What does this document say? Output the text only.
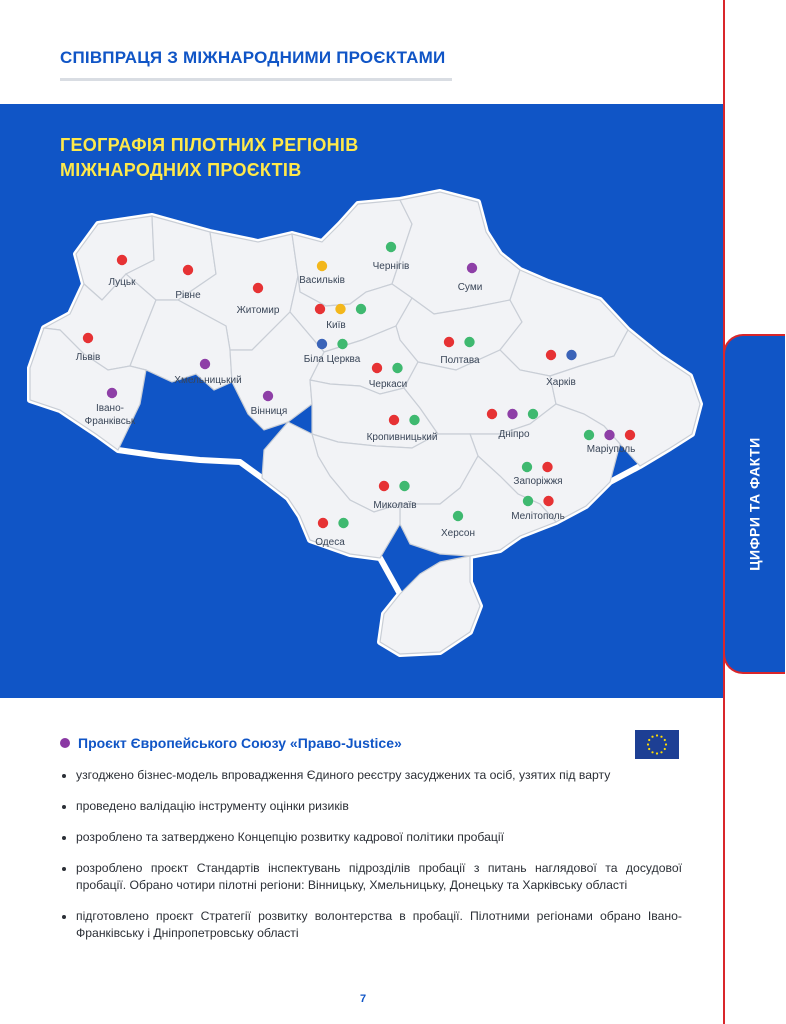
СПІВПРАЦЯ З МІЖНАРОДНИМИ ПРОЄКТАМИ
ГЕОГРАФІЯ ПІЛОТНИХ РЕГІОНІВ
МІЖНАРОДНИХ ПРОЄКТІВ
Луцьк
Рівне
Житомир
Васильків
Чернігів
Суми
Київ
Біла Церква
Львів
Хмельницький
Полтава
Черкаси	Харків
Івано-Франківськ
Вінниця
Кропивницький	Дніпро
Маріуполь
Запоріжжя
Миколаїв
Мелітополь
Херсон
Одеса	ЦИФРИ ТА ФАКТИ
Проєкт Європейського Союзу «Право-Justice»
узгоджено бізнес-модель впровадження Єдиного реєстру засуджених та осіб, узятих під варту
проведено валідацію інструменту оцінки ризиків
розроблено та затверджено Концепцію розвитку кадрової політики пробації
розроблено проєкт Стандартів інспектувань підрозділів пробації з питань наглядової та досудової пробації. Обрано чотири пілотні регіони: Вінницьку, Хмельницьку, Донецьку та Харківську області
підготовлено проєкт Стратегії розвитку волонтерства в пробації. Пілотними регіонами обрано Івано-Франківську і Дніпропетровську області
7
